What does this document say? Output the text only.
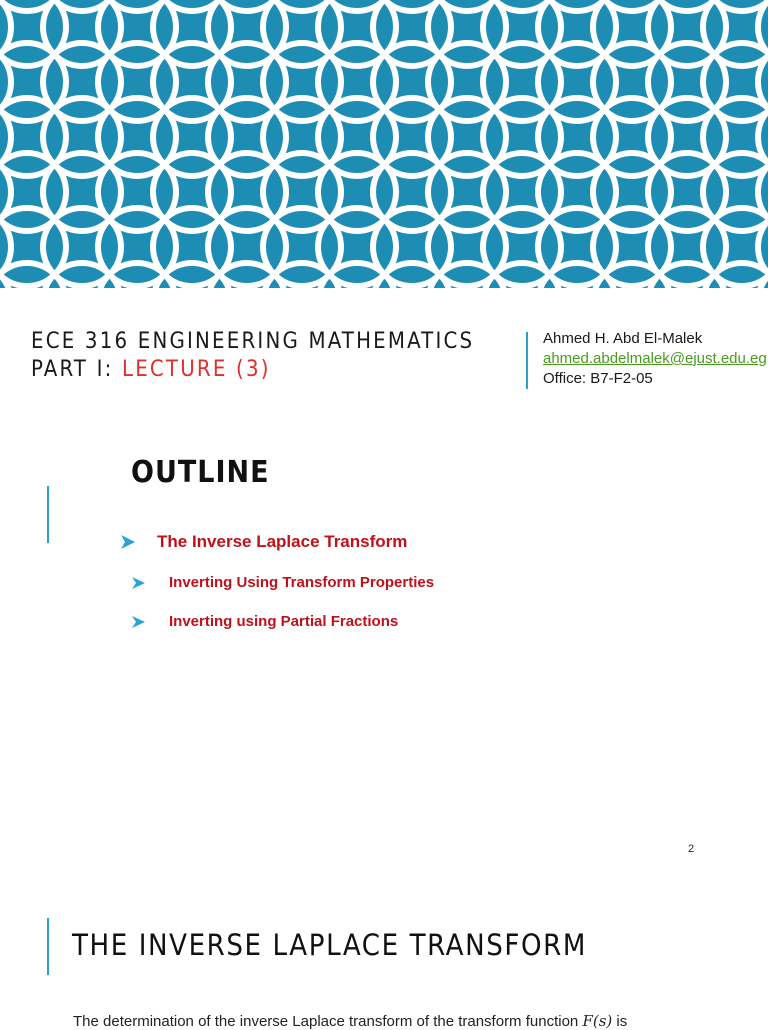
ECE 316 ENGINEERING MATHEMATICS
PART I: LECTURE (3)
Ahmed H. Abd El-Malek
ahmed.abdelmalek@ejust.edu.eg
Office: B7-F2-05
OUTLINE
The Inverse Laplace Transform
Inverting Using Transform Properties
Inverting using Partial Fractions
2
THE INVERSE LAPLACE TRANSFORM
The determination of the inverse Laplace transform of the transform function F(s) is
